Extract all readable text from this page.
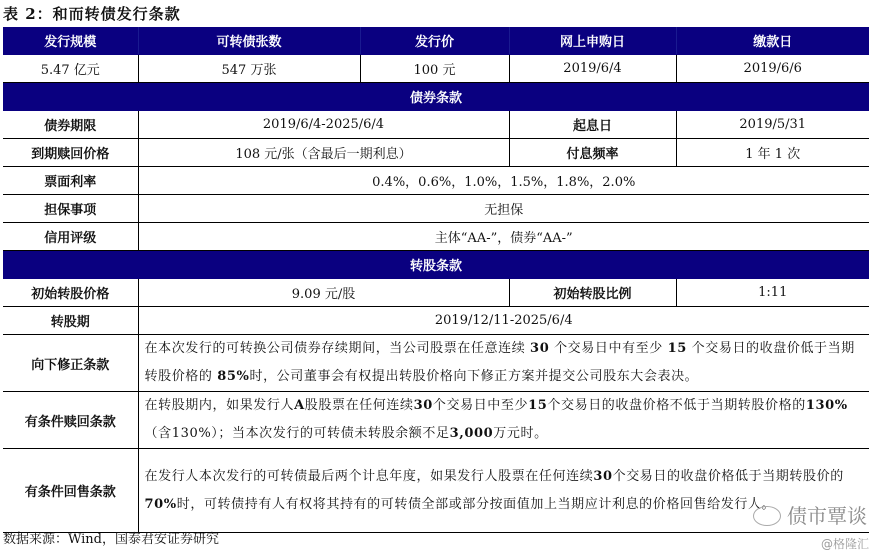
表 2：和而转债发行条款
发行规模	可转债张数	发行价	网上申购日	缴款日
5.47 亿元	547 万张	100 元	2019/6/4	2019/6/6
债券条款				
债券期限	2019/6/4-2025/6/4		起息日	2019/5/31
到期赎回价格	108 元/张（含最后一期利息）		付息频率	1 年 1 次
票面利率	0.4%，0.6%，1.0%，1.5%，1.8%，2.0%			
担保事项	无担保			
信用评级	主体“AA-”，债券“AA-”			
转股条款				
初始转股价格	9.09 元/股		初始转股比例	1:11
转股期	2019/12/11-2025/6/4			
向下修正条款	在本次发行的可转换公司债券存续期间，当公司股票在任意连续 30 个交易日中有至少 15 个交易日的收盘价低于当期转股价格的 85%时，公司董事会有权提出转股价格向下修正方案并提交公司股东大会表决。			
有条件赎回条款	在转股期内，如果发行人A股股票在任何连续30个交易日中至少15个交易日的收盘价格不低于当期转股价格的130%（含130%）；当本次发行的可转债未转股余额不足3,000万元时。			
有条件回售条款	在发行人本次发行的可转债最后两个计息年度，如果发行人股票在任何连续30个交易日的收盘价格低于当期转股价的70%时，可转债持有人有权将其持有的可转债全部或部分按面值加上当期应计利息的价格回售给发行人。			
数据来源：Wind，国泰君安证券研究
债市覃谈
@格隆汇
